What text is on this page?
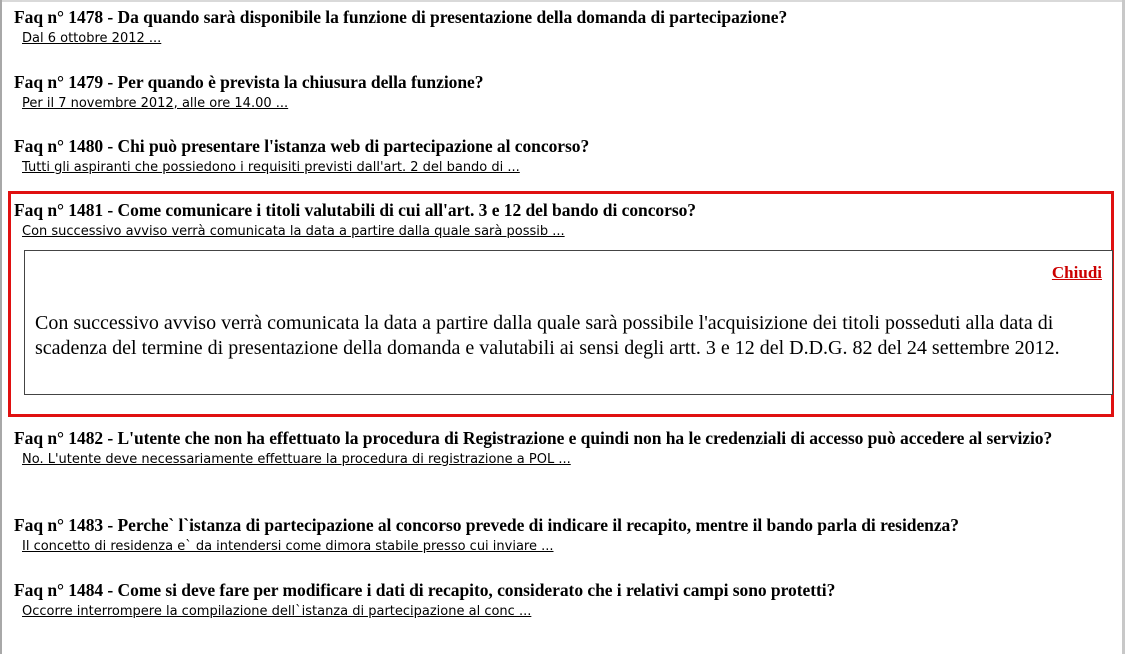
Faq n° 1478 - Da quando sarà disponibile la funzione di presentazione della domanda di partecipazione?

Dal 6 ottobre 2012 ...

Faq n° 1479 - Per quando è prevista la chiusura della funzione?

Per il 7 novembre 2012, alle ore 14.00 ...

Faq n° 1480 - Chi può presentare l'istanza web di partecipazione al concorso?

Tutti gli aspiranti che possiedono i requisiti previsti dall'art. 2 del bando di ...

Faq n° 1481 - Come comunicare i titoli valutabili di cui all'art. 3 e 12 del bando di concorso?

Con successivo avviso verrà comunicata la data a partire dalla quale sarà possib ...
Chiudi

Con successivo avviso verrà comunicata la data a partire dalla quale sarà possibile l'acquisizione dei titoli posseduti alla data di scadenza del termine di presentazione della domanda e valutabili ai sensi degli artt. 3 e 12 del D.D.G. 82 del 24 settembre 2012.

Faq n° 1482 - L'utente che non ha effettuato la procedura di Registrazione e quindi non ha le credenziali di accesso può accedere al servizio?

No. L'utente deve necessariamente effettuare la procedura di registrazione a POL ...

Faq n° 1483 - Perche` l`istanza di partecipazione al concorso prevede di indicare il recapito, mentre il bando parla di residenza?

Il concetto di residenza e` da intendersi come dimora stabile presso cui inviare ...

Faq n° 1484 - Come si deve fare per modificare i dati di recapito, considerato che i relativi campi sono protetti?

Occorre interrompere la compilazione dell`istanza di partecipazione al conc ...
